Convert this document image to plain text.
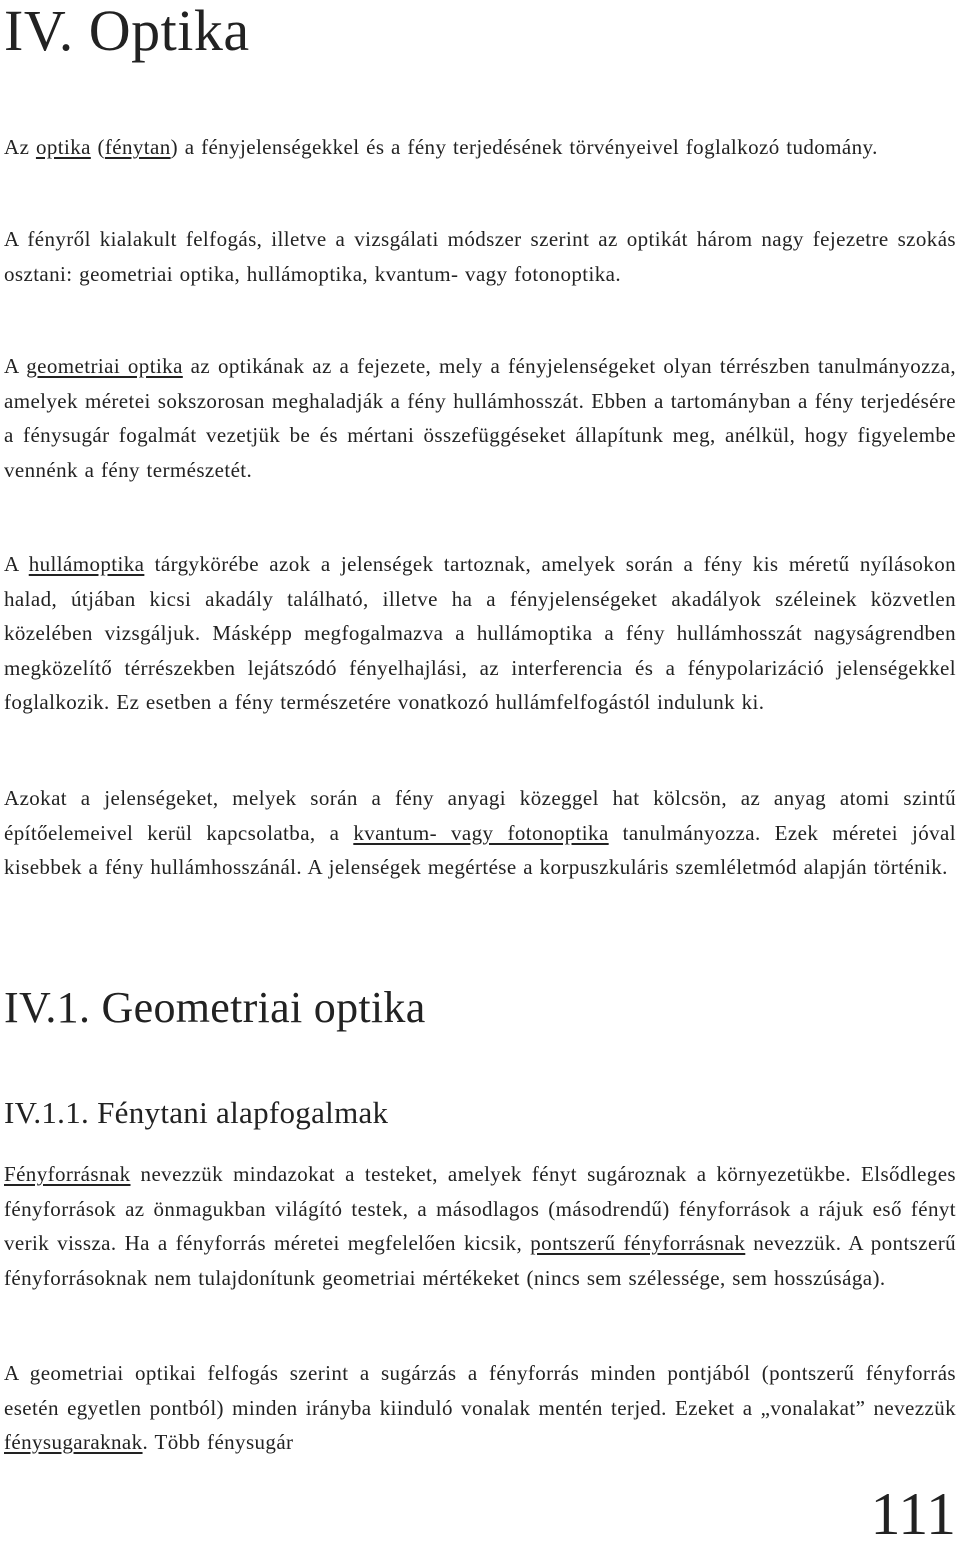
IV. Optika

Az optika (fénytan) a fényjelenségekkel és a fény terjedésének törvényeivel foglalkozó tudomány.

A fényről kialakult felfogás, illetve a vizsgálati módszer szerint az optikát három nagy fejezetre szokás osztani: geometriai optika, hullámoptika, kvantum- vagy fotonoptika.

A geometriai optika az optikának az a fejezete, mely a fényjelenségeket olyan térrészben tanulmányozza, amelyek méretei sokszorosan meghaladják a fény hullámhosszát. Ebben a tartományban a fény terjedésére a fénysugár fogalmát vezetjük be és mértani összefüggéseket állapítunk meg, anélkül, hogy figyelembe vennénk a fény természetét.

A hullámoptika tárgykörébe azok a jelenségek tartoznak, amelyek során a fény kis méretű nyílásokon halad, útjában kicsi akadály található, illetve ha a fényjelenségeket akadályok széleinek közvetlen közelében vizsgáljuk. Másképp megfogalmazva a hullámoptika a fény hullámhosszát nagyságrendben megközelítő térrészekben lejátszódó fényelhajlási, az interferencia és a fénypolarizáció jelenségekkel foglalkozik. Ez esetben a fény természetére vonatkozó hullámfelfogástól indulunk ki.

Azokat a jelenségeket, melyek során a fény anyagi közeggel hat kölcsön, az anyag atomi szintű építőelemeivel kerül kapcsolatba, a kvantum- vagy fotonoptika tanulmányozza. Ezek méretei jóval kisebbek a fény hullámhosszánál. A jelenségek megértése a korpuszkuláris szemléletmód alapján történik.

IV.1. Geometriai optika
IV.1.1. Fénytani alapfogalmak

Fényforrásnak nevezzük mindazokat a testeket, amelyek fényt sugároznak a környezetükbe. Elsődleges fényforrások az önmagukban világító testek, a másodlagos (másodrendű) fényforrások a rájuk eső fényt verik vissza. Ha a fényforrás méretei megfelelően kicsik, pontszerű fényforrásnak nevezzük. A pontszerű fényforrásoknak nem tulajdonítunk geometriai mértékeket (nincs sem szélessége, sem hosszúsága).

A geometriai optikai felfogás szerint a sugárzás a fényforrás minden pontjából (pontszerű fényforrás esetén egyetlen pontból) minden irányba kiinduló vonalak mentén terjed. Ezeket a „vonalakat” nevezzük fénysugaraknak. Több fénysugár

111
